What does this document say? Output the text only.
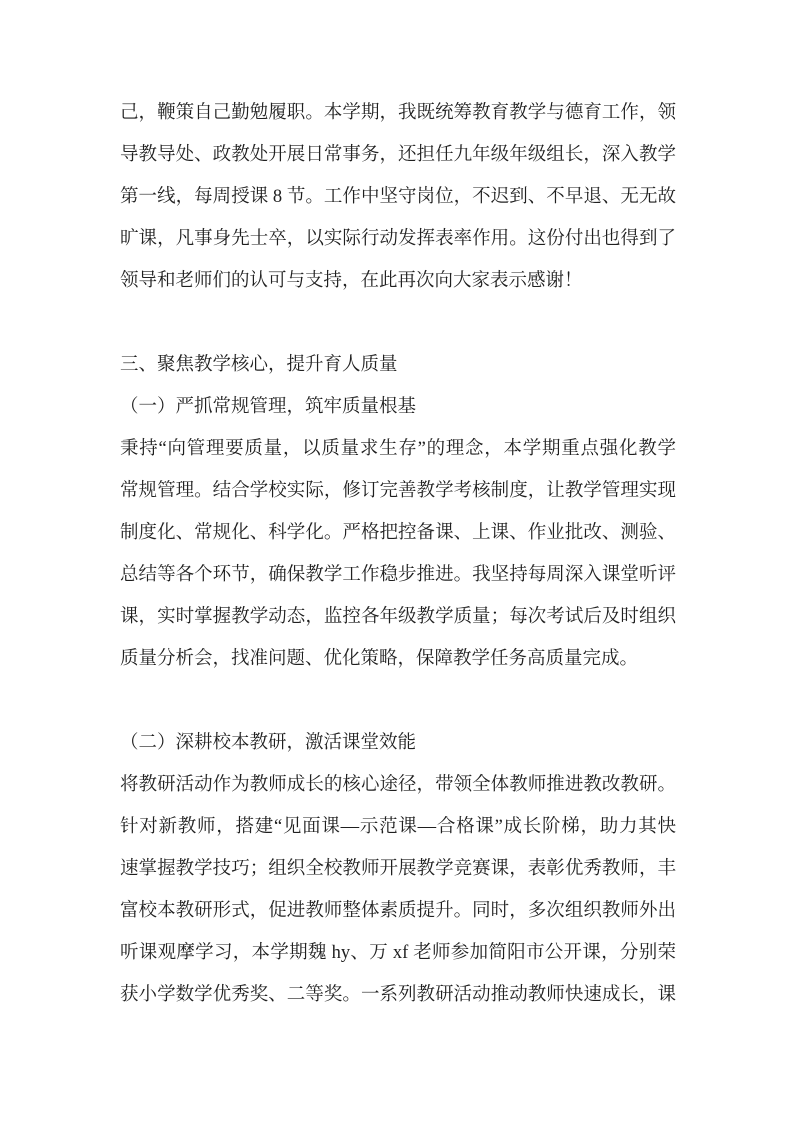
己，鞭策自己勤勉履职。本学期，我既统筹教育教学与德育工作，领
导教导处、政教处开展日常事务，还担任九年级年级组长，深入教学
第一线，每周授课 8 节。工作中坚守岗位，不迟到、不早退、无无故
旷课，凡事身先士卒，以实际行动发挥表率作用。这份付出也得到了
领导和老师们的认可与支持，在此再次向大家表示感谢！
三、聚焦教学核心，提升育人质量
（一）严抓常规管理，筑牢质量根基
秉持“向管理要质量，以质量求生存”的理念，本学期重点强化教学
常规管理。结合学校实际，修订完善教学考核制度，让教学管理实现
制度化、常规化、科学化。严格把控备课、上课、作业批改、测验、
总结等各个环节，确保教学工作稳步推进。我坚持每周深入课堂听评
课，实时掌握教学动态，监控各年级教学质量；每次考试后及时组织
质量分析会，找准问题、优化策略，保障教学任务高质量完成。
（二）深耕校本教研，激活课堂效能
将教研活动作为教师成长的核心途径，带领全体教师推进教改教研。
针对新教师，搭建“见面课—示范课—合格课”成长阶梯，助力其快
速掌握教学技巧；组织全校教师开展教学竞赛课，表彰优秀教师，丰
富校本教研形式，促进教师整体素质提升。同时，多次组织教师外出
听课观摩学习，本学期魏 hy、万 xf 老师参加简阳市公开课，分别荣
获小学数学优秀奖、二等奖。一系列教研活动推动教师快速成长，课
